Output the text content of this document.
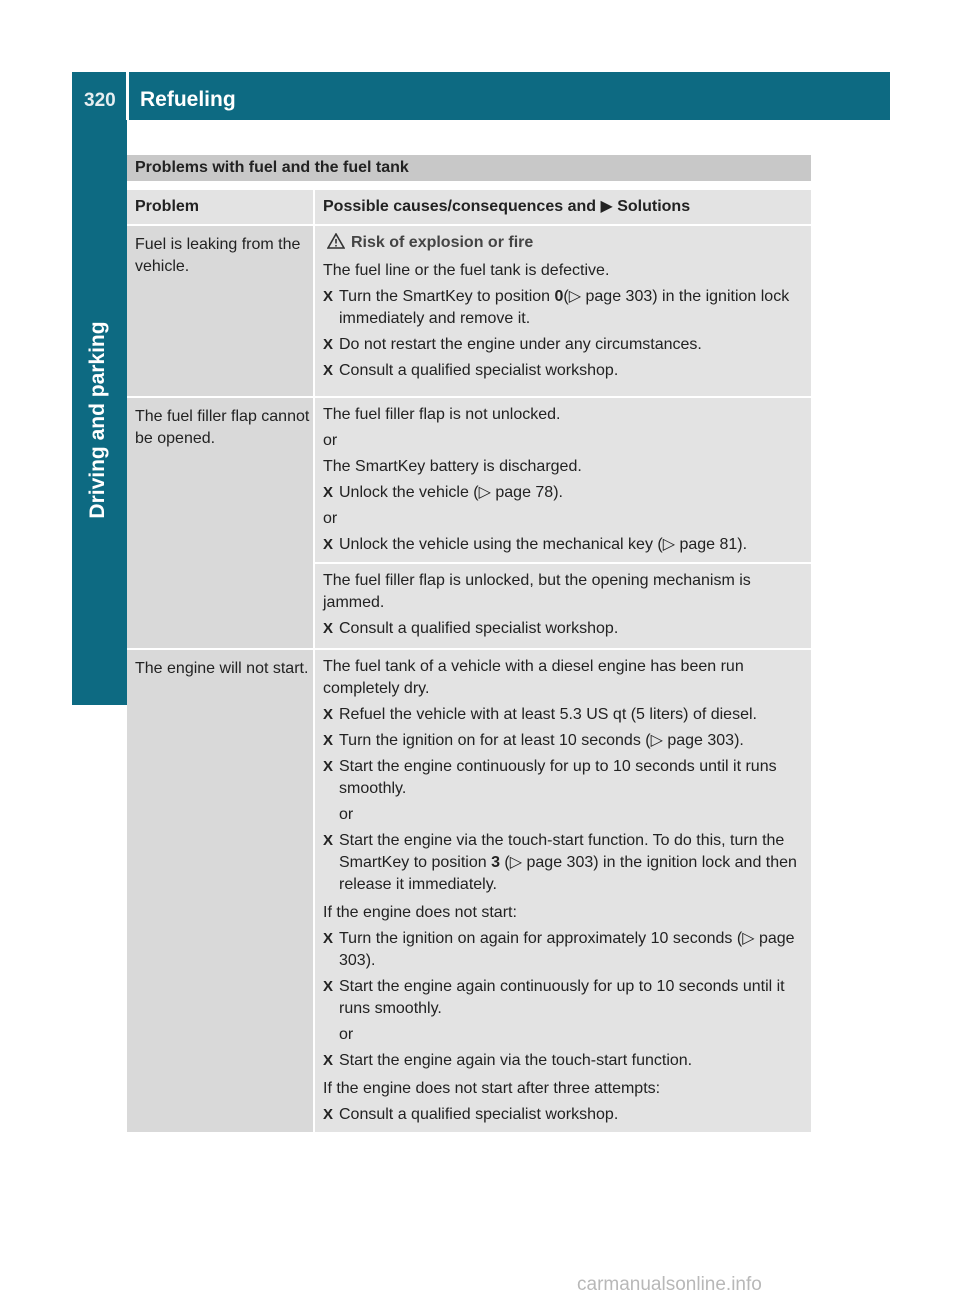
320 Refueling
Driving and parking
Problems with fuel and the fuel tank
Problem	Possible causes/consequences and ▶ Solutions
Fuel is leaking from the vehicle.
Risk of explosion or fire

The fuel line or the fuel tank is defective.

X Turn the SmartKey to position 0(▷ page 303) in the ignition lock immediately and remove it.
X Do not restart the engine under any circumstances.
X Consult a qualified specialist workshop.
The fuel filler flap cannot be opened.

The fuel filler flap is not unlocked.

or

The SmartKey battery is discharged.

X Unlock the vehicle (▷ page 78).

or

X Unlock the vehicle using the mechanical key (▷ page 81).

The fuel filler flap is unlocked, but the opening mechanism is jammed.

X Consult a qualified specialist workshop.
The engine will not start. The fuel tank of a vehicle with a diesel engine has been run completely dry.

X Refuel the vehicle with at least 5.3 US qt (5 liters) of diesel.
X Turn the ignition on for at least 10 seconds (▷ page 303).
X Start the engine continuously for up to 10 seconds until it runs smoothly.

or

X Start the engine via the touch-start function. To do this, turn the SmartKey to position 3 (▷ page 303) in the ignition lock and then release it immediately.

If the engine does not start:

X Turn the ignition on again for approximately 10 seconds (▷ page 303).
X Start the engine again continuously for up to 10 seconds until it runs smoothly.

or

X Start the engine again via the touch-start function.

If the engine does not start after three attempts:

X Consult a qualified specialist workshop.
carmanualsonline.info
